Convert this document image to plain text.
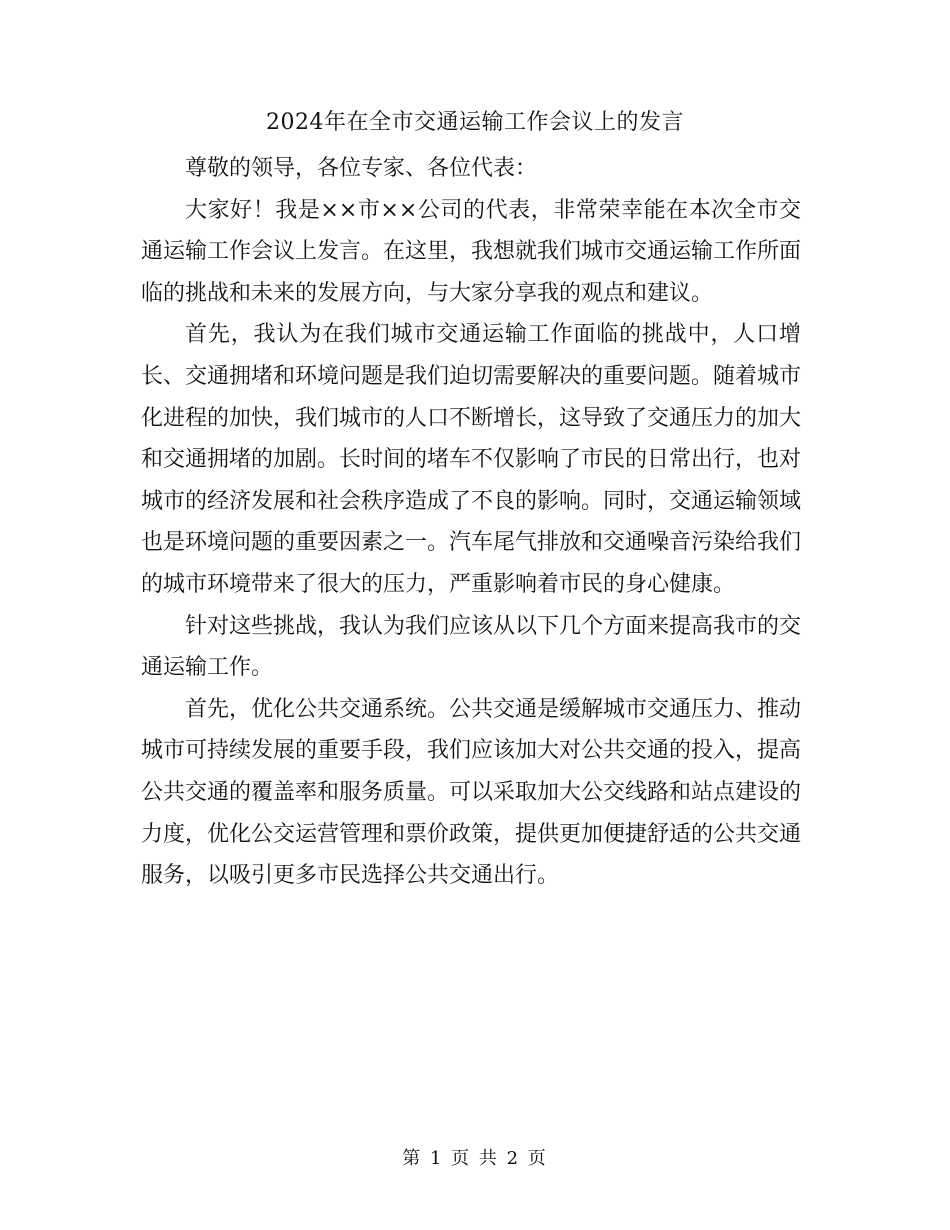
2024年在全市交通运输工作会议上的发言

尊敬的领导，各位专家、各位代表：

大家好！我是××市××公司的代表，非常荣幸能在本次全市交通运输工作会议上发言。在这里，我想就我们城市交通运输工作所面临的挑战和未来的发展方向，与大家分享我的观点和建议。

首先，我认为在我们城市交通运输工作面临的挑战中，人口增长、交通拥堵和环境问题是我们迫切需要解决的重要问题。随着城市化进程的加快，我们城市的人口不断增长，这导致了交通压力的加大和交通拥堵的加剧。长时间的堵车不仅影响了市民的日常出行，也对城市的经济发展和社会秩序造成了不良的影响。同时，交通运输领域也是环境问题的重要因素之一。汽车尾气排放和交通噪音污染给我们的城市环境带来了很大的压力，严重影响着市民的身心健康。

针对这些挑战，我认为我们应该从以下几个方面来提高我市的交通运输工作。

首先，优化公共交通系统。公共交通是缓解城市交通压力、推动城市可持续发展的重要手段，我们应该加大对公共交通的投入，提高公共交通的覆盖率和服务质量。可以采取加大公交线路和站点建设的力度，优化公交运营管理和票价政策，提供更加便捷舒适的公共交通服务，以吸引更多市民选择公共交通出行。

第 1 页 共 2 页
